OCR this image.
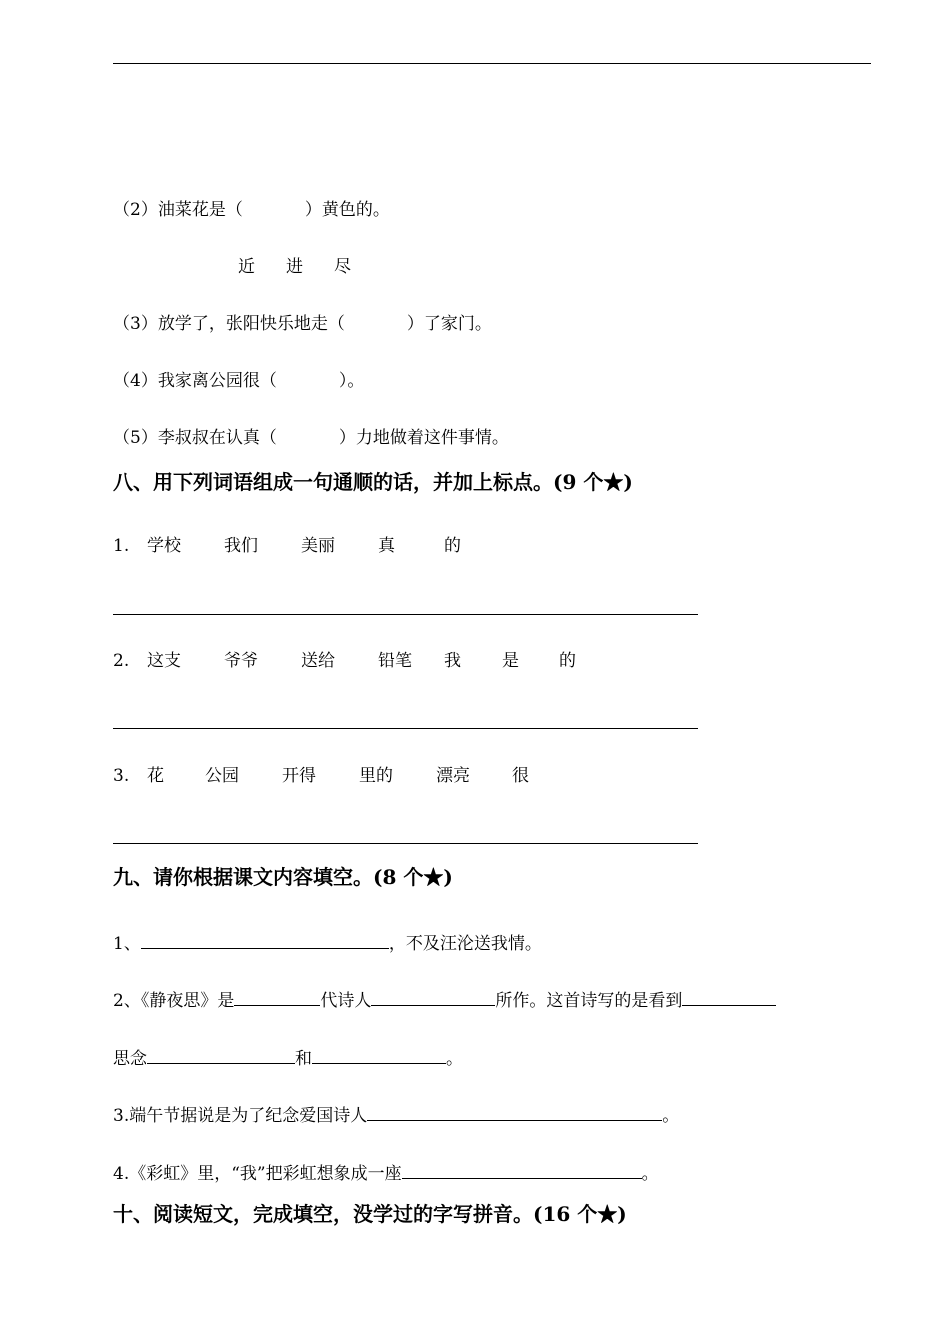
（2）油菜花是（	）黄色的。
近 进 尽
（3）放学了，张阳快乐地走（	）了家门。
（4）我家离公园很（	）。
（5）李叔叔在认真（	）力地做着这件事情。
八、用下列词语组成一句通顺的话，并加上标点。(9 个★)
1. 学校	我们	美丽	真	的
2. 这支	爷爷	送给	铅笔 我 是 的
3. 花 公园	开得	里的	漂亮 很
九、请你根据课文内容填空。(8 个★)
1、	，不及汪沦送我情。
2、《静夜思》是	代诗人	所作。这首诗写的是看到
思念	和	。
3.端午节据说是为了纪念爱国诗人	。
4.《彩虹》里，“我”把彩虹想象成一座	。
十、阅读短文，完成填空，没学过的字写拼音。(16 个★)
